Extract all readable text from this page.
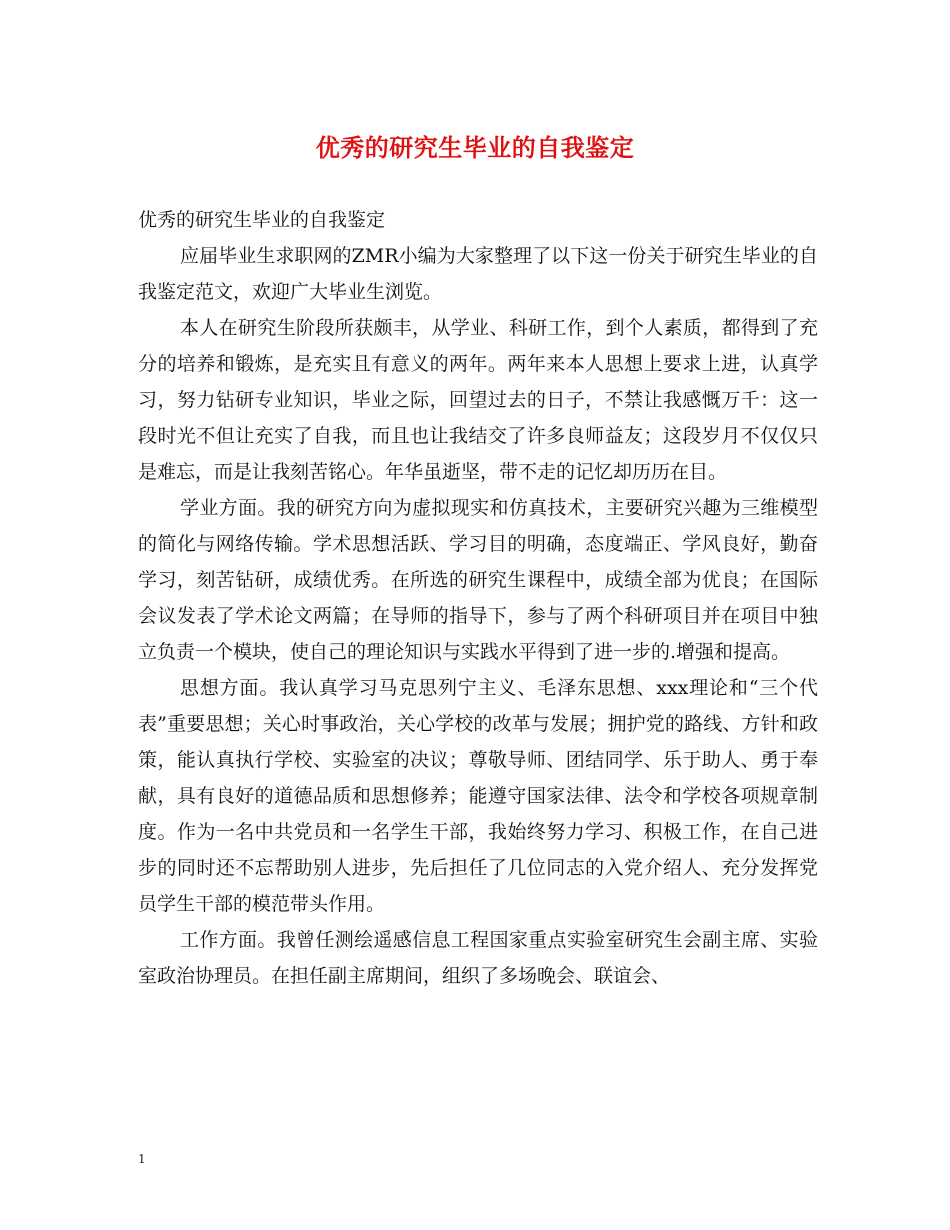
优秀的研究生毕业的自我鉴定

优秀的研究生毕业的自我鉴定

应届毕业生求职网的ZMR小编为大家整理了以下这一份关于研究生毕业的自我鉴定范文，欢迎广大毕业生浏览。

本人在研究生阶段所获颇丰，从学业、科研工作，到个人素质，都得到了充分的培养和锻炼，是充实且有意义的两年。两年来本人思想上要求上进，认真学习，努力钻研专业知识，毕业之际，回望过去的日子，不禁让我感慨万千：这一段时光不但让充实了自我，而且也让我结交了许多良师益友；这段岁月不仅仅只是难忘，而是让我刻苦铭心。年华虽逝坚，带不走的记忆却历历在目。

学业方面。我的研究方向为虚拟现实和仿真技术，主要研究兴趣为三维模型的简化与网络传输。学术思想活跃、学习目的明确，态度端正、学风良好，勤奋学习，刻苦钻研，成绩优秀。在所选的研究生课程中，成绩全部为优良；在国际会议发表了学术论文两篇；在导师的指导下，参与了两个科研项目并在项目中独立负责一个模块，使自己的理论知识与实践水平得到了进一步的.增强和提高。

思想方面。我认真学习马克思列宁主义、毛泽东思想、xxx理论和“三个代表”重要思想；关心时事政治，关心学校的改革与发展；拥护党的路线、方针和政策，能认真执行学校、实验室的决议；尊敬导师、团结同学、乐于助人、勇于奉献，具有良好的道德品质和思想修养；能遵守国家法律、法令和学校各项规章制度。作为一名中共党员和一名学生干部，我始终努力学习、积极工作，在自己进步的同时还不忘帮助别人进步，先后担任了几位同志的入党介绍人、充分发挥党员学生干部的模范带头作用。

工作方面。我曾任测绘遥感信息工程国家重点实验室研究生会副主席、实验室政治协理员。在担任副主席期间，组织了多场晚会、联谊会、

1
